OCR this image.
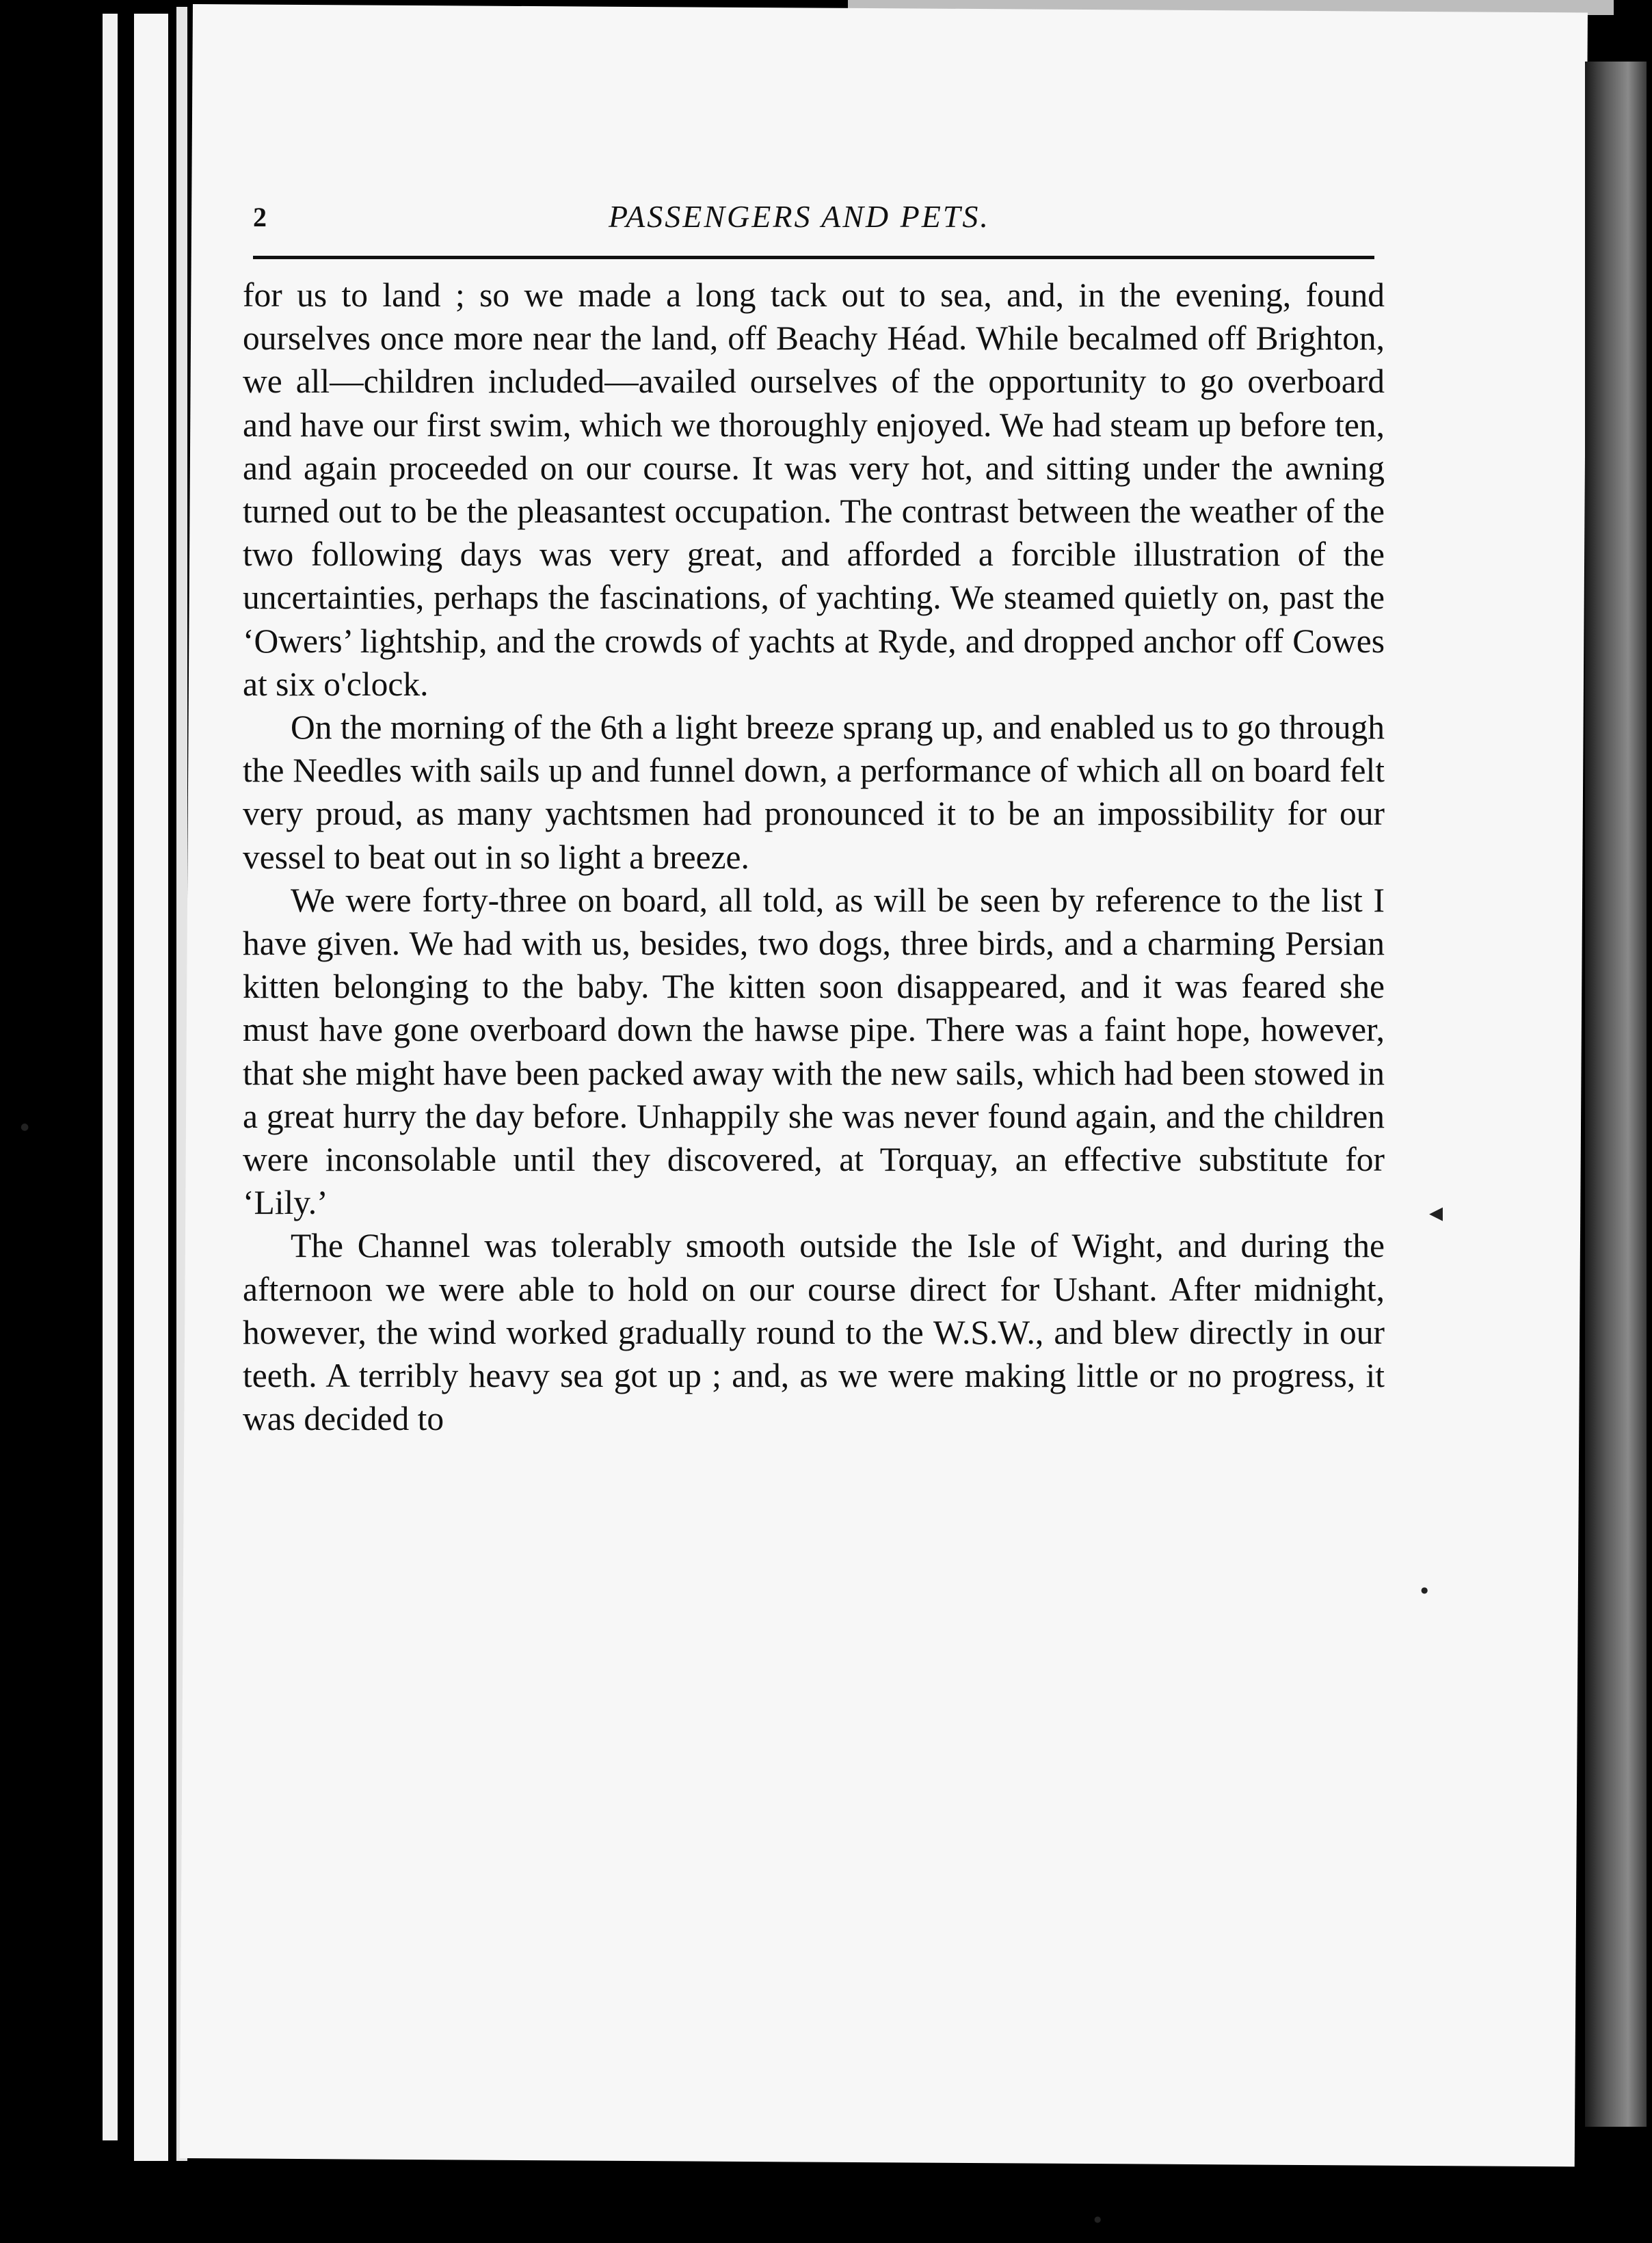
2	PASSENGERS AND PETS.

for us to land ; so we made a long tack out to sea, and, in the evening, found ourselves once more near the land, off Beachy Héad. While becalmed off Brighton, we all—children included—availed ourselves of the opportunity to go overboard and have our first swim, which we thoroughly enjoyed. We had steam up before ten, and again proceeded on our course. It was very hot, and sitting under the awning turned out to be the pleasantest occupation. The contrast between the weather of the two following days was very great, and afforded a forcible illustration of the uncertainties, perhaps the fascinations, of yachting. We steamed quietly on, past the ‘Owers’ lightship, and the crowds of yachts at Ryde, and dropped anchor off Cowes at six o'clock.

On the morning of the 6th a light breeze sprang up, and enabled us to go through the Needles with sails up and funnel down, a performance of which all on board felt very proud, as many yachtsmen had pronounced it to be an impossibility for our vessel to beat out in so light a breeze.

We were forty-three on board, all told, as will be seen by reference to the list I have given. We had with us, besides, two dogs, three birds, and a charming Persian kitten belonging to the baby. The kitten soon disappeared, and it was feared she must have gone overboard down the hawse pipe. There was a faint hope, however, that she might have been packed away with the new sails, which had been stowed in a great hurry the day before. Unhappily she was never found again, and the children were inconsolable until they discovered, at Torquay, an effective substitute for ‘Lily.’

The Channel was tolerably smooth outside the Isle of Wight, and during the afternoon we were able to hold on our course direct for Ushant. After midnight, however, the wind worked gradually round to the W.S.W., and blew directly in our teeth. A terribly heavy sea got up ; and, as we were making little or no progress, it was decided to

◂
●
●
●
